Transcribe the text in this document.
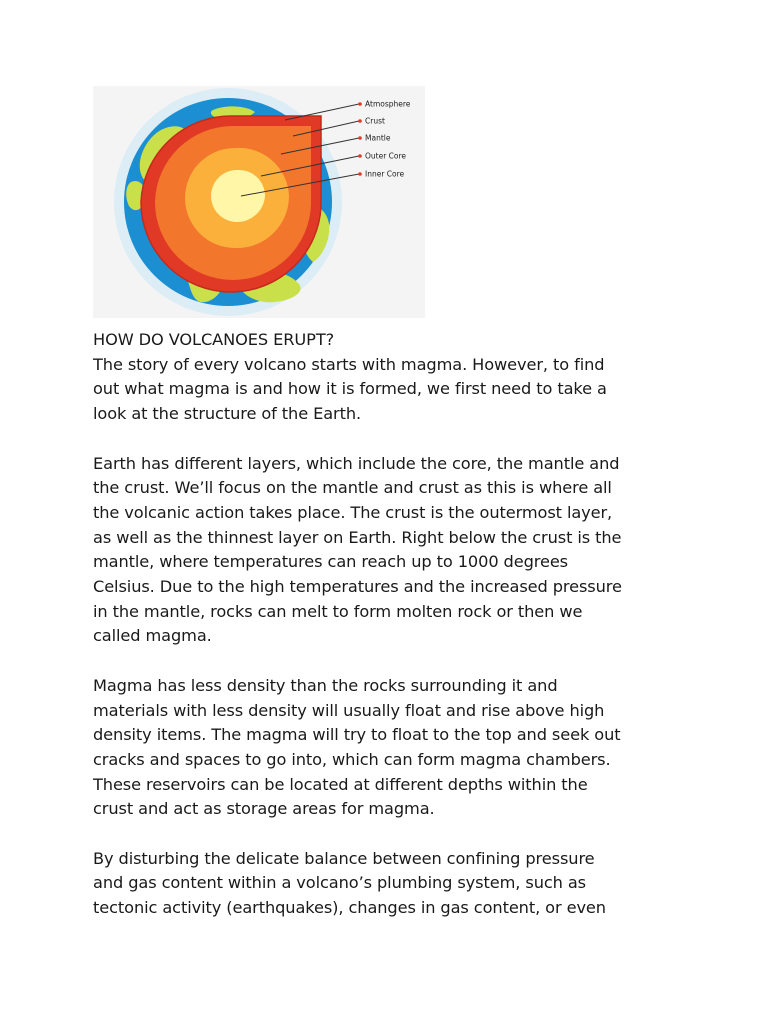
Atmosphere
Crust
Mantle
Outer Core
Inner Core

HOW DO VOLCANOES ERUPT?
The story of every volcano starts with magma. However, to find
out what magma is and how it is formed, we first need to take a
look at the structure of the Earth.

Earth has different layers, which include the core, the mantle and
the crust. We’ll focus on the mantle and crust as this is where all
the volcanic action takes place. The crust is the outermost layer,
as well as the thinnest layer on Earth. Right below the crust is the
mantle, where temperatures can reach up to 1000 degrees
Celsius. Due to the high temperatures and the increased pressure
in the mantle, rocks can melt to form molten rock or then we
called magma.

Magma has less density than the rocks surrounding it and
materials with less density will usually float and rise above high
density items. The magma will try to float to the top and seek out
cracks and spaces to go into, which can form magma chambers.
These reservoirs can be located at different depths within the
crust and act as storage areas for magma.

By disturbing the delicate balance between confining pressure
and gas content within a volcano’s plumbing system, such as
tectonic activity (earthquakes), changes in gas content, or even
